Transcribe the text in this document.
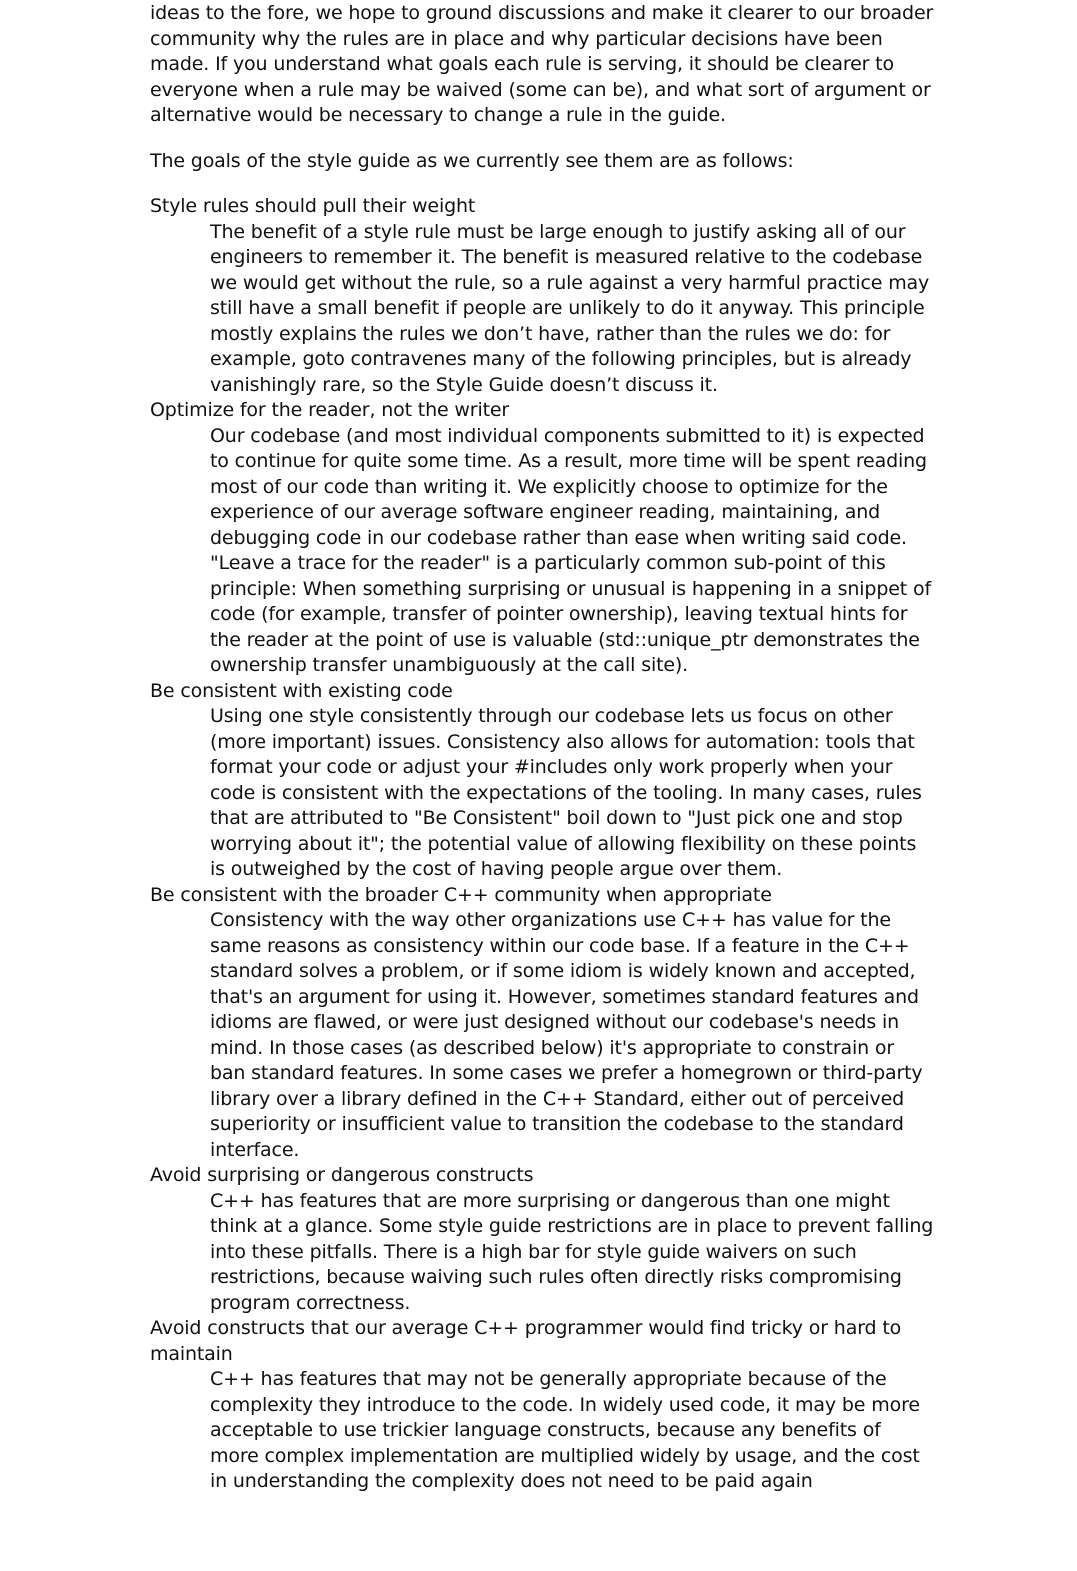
ideas to the fore, we hope to ground discussions and make it clearer to our broader community why the rules are in place and why particular decisions have been made. If you understand what goals each rule is serving, it should be clearer to everyone when a rule may be waived (some can be), and what sort of argument or alternative would be necessary to change a rule in the guide.

The goals of the style guide as we currently see them are as follows:

Style rules should pull their weight
The benefit of a style rule must be large enough to justify asking all of our engineers to remember it. The benefit is measured relative to the codebase we would get without the rule, so a rule against a very harmful practice may still have a small benefit if people are unlikely to do it anyway. This principle mostly explains the rules we don’t have, rather than the rules we do: for example, goto contravenes many of the following principles, but is already vanishingly rare, so the Style Guide doesn’t discuss it.
Optimize for the reader, not the writer
Our codebase (and most individual components submitted to it) is expected to continue for quite some time. As a result, more time will be spent reading most of our code than writing it. We explicitly choose to optimize for the experience of our average software engineer reading, maintaining, and debugging code in our codebase rather than ease when writing said code. "Leave a trace for the reader" is a particularly common sub-point of this principle: When something surprising or unusual is happening in a snippet of code (for example, transfer of pointer ownership), leaving textual hints for the reader at the point of use is valuable (std::unique_ptr demonstrates the ownership transfer unambiguously at the call site).
Be consistent with existing code
Using one style consistently through our codebase lets us focus on other (more important) issues. Consistency also allows for automation: tools that format your code or adjust your #includes only work properly when your code is consistent with the expectations of the tooling. In many cases, rules that are attributed to "Be Consistent" boil down to "Just pick one and stop worrying about it"; the potential value of allowing flexibility on these points is outweighed by the cost of having people argue over them.
Be consistent with the broader C++ community when appropriate
Consistency with the way other organizations use C++ has value for the same reasons as consistency within our code base. If a feature in the C++ standard solves a problem, or if some idiom is widely known and accepted, that's an argument for using it. However, sometimes standard features and idioms are flawed, or were just designed without our codebase's needs in mind. In those cases (as described below) it's appropriate to constrain or ban standard features. In some cases we prefer a homegrown or third-party library over a library defined in the C++ Standard, either out of perceived superiority or insufficient value to transition the codebase to the standard interface.
Avoid surprising or dangerous constructs
C++ has features that are more surprising or dangerous than one might think at a glance. Some style guide restrictions are in place to prevent falling into these pitfalls. There is a high bar for style guide waivers on such restrictions, because waiving such rules often directly risks compromising program correctness.
Avoid constructs that our average C++ programmer would find tricky or hard to maintain
C++ has features that may not be generally appropriate because of the complexity they introduce to the code. In widely used code, it may be more acceptable to use trickier language constructs, because any benefits of more complex implementation are multiplied widely by usage, and the cost in understanding the complexity does not need to be paid again
